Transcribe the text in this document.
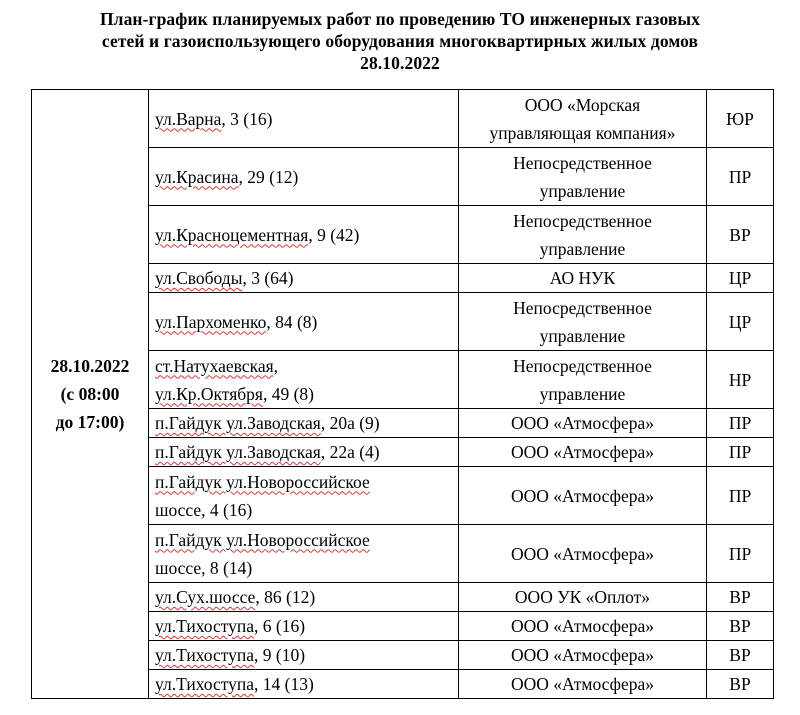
План-график планируемых работ по проведению ТО инженерных газовых
сетей и газоиспользующего оборудования многоквартирных жилых домов
28.10.2022
28.10.2022
(с 08:00
до 17:00)	ул.Варна, 3 (16)	ООО «Морская
управляющая компания»	ЮР

	ул.Красина, 29 (12)	Непосредственное
управление	ПР

	ул.Красноцементная, 9 (42)	Непосредственное
управление	ВР

	ул.Свободы, 3 (64)	АО НУК	ЦР

	ул.Пархоменко, 84 (8)	Непосредственное
управление	ЦР

	ст.Натухаевская,
ул.Кр.Октября, 49 (8)	Непосредственное
управление	НР

	п.Гайдук ул.Заводская, 20а (9)	ООО «Атмосфера»	ПР

	п.Гайдук ул.Заводская, 22а (4)	ООО «Атмосфера»	ПР

	п.Гайдук ул.Новороссийское
шоссе, 4 (16)	ООО «Атмосфера»	ПР

	п.Гайдук ул.Новороссийское
шоссе, 8 (14)	ООО «Атмосфера»	ПР

	ул.Сух.шоссе, 86 (12)	ООО УК «Оплот»	ВР

	ул.Тихоступа, 6 (16)	ООО «Атмосфера»	ВР

	ул.Тихоступа, 9 (10)	ООО «Атмосфера»	ВР

	ул.Тихоступа, 14 (13)	ООО «Атмосфера»	ВР
